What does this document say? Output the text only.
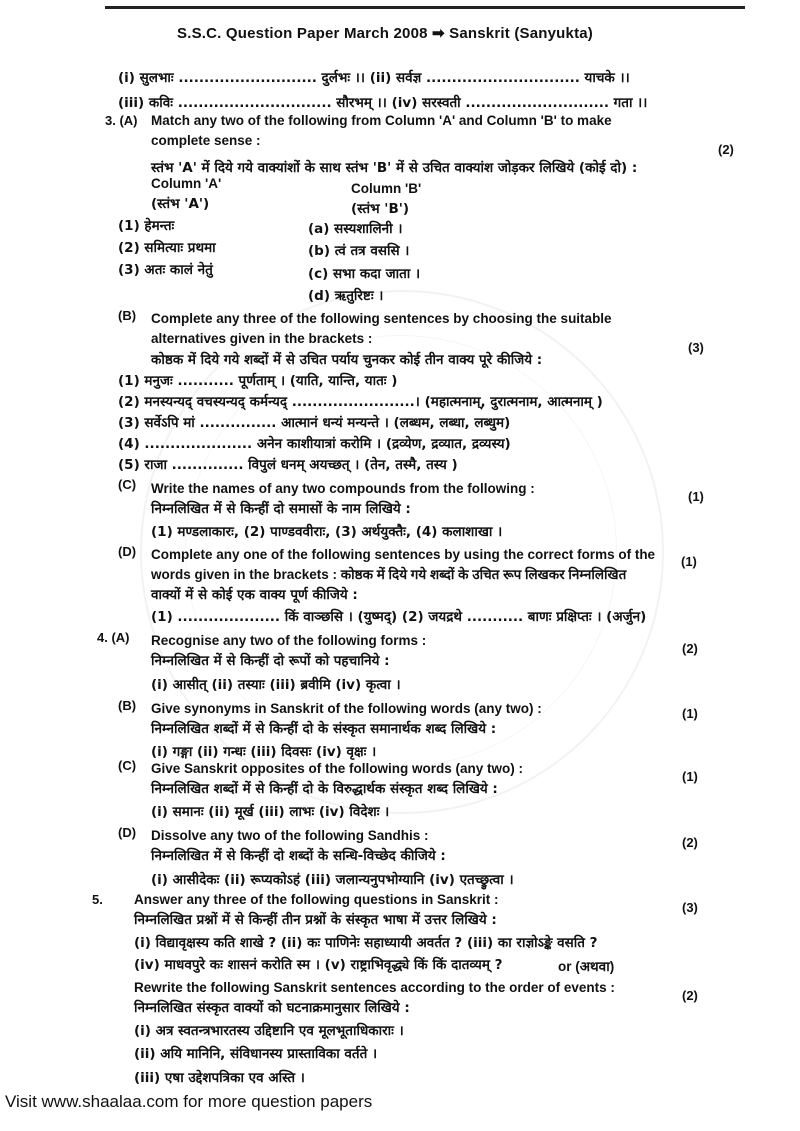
S.S.C. Question Paper March 2008 ➡ Sanskrit (Sanyukta)
(i) सुलभाः ........................... दुर्लभः ।। (ii) सर्वज्ञ .............................. याचके ।।
(iii) कविः .............................. सौरभम् ।। (iv) सरस्वती ............................ गता ।।
3. (A) Match any two of the following from Column 'A' and Column 'B' to make
complete sense :
स्तंभ 'A' में दिये गये वाक्यांशों के साथ स्तंभ 'B' में से उचित वाक्यांश जोड़कर लिखिये (कोई दो) :
Column 'A'	Column 'B'
(स्तंभ 'A')	(स्तंभ 'B')
(1) हेमन्तः	(a) सस्यशालिनी ।
(2) समित्याः प्रथमा	(b) त्वं तत्र वससि ।
(3) अतः कालं नेतुं	(c) सभा कदा जाता ।
(d) ऋतुरिष्टः ।
(B) Complete any three of the following sentences by choosing the suitable
alternatives given in the brackets :
कोष्ठक में दिये गये शब्दों में से उचित पर्याय चुनकर कोई तीन वाक्य पूरे कीजिये :
(1) मनुजः ........... पूर्णताम् । (याति, यान्ति, यातः )
(2) मनस्यन्यद् वचस्यन्यद् कर्मन्यद् ........................। (महात्मनाम्, दुरात्मनाम, आत्मनाम् )
(3) सर्वेऽपि मां ............... आत्मानं धन्यं मन्यन्ते । (लब्धम, लब्धा, लब्धुम)
(4) ..................... अनेन काशीयात्रां करोमि । (द्रव्येण, द्रव्यात, द्रव्यस्य)
(5) राजा .............. विपुलं धनम् अयच्छत् । (तेन, तस्मै, तस्य )
(C) Write the names of any two compounds from the following :
निम्नलिखित में से किन्हीं दो समासों के नाम लिखिये :
(1) मण्डलाकारः, (2) पाण्डववीराः, (3) अर्थयुक्तैः, (4) कलाशाखा ।
(D) Complete any one of the following sentences by using the correct forms of the
words given in the brackets : कोष्ठक में दिये गये शब्दों के उचित रूप लिखकर निम्नलिखित
वाक्यों में से कोई एक वाक्य पूर्ण कीजिये :
(1) .................... किं वाञ्छसि । (युष्मद्) (2) जयद्रथे ........... बाणः प्रक्षिप्तः । (अर्जुन)
4. (A) Recognise any two of the following forms :
निम्नलिखित में से किन्हीं दो रूपों को पहचानिये :
(i) आसीत् (ii) तस्याः (iii) ब्रवीमि (iv) कृत्वा ।
(B) Give synonyms in Sanskrit of the following words (any two) :
निम्नलिखित शब्दों में से किन्हीं दो के संस्कृत समानार्थक शब्द लिखिये :
(i) गङ्गा (ii) गन्धः (iii) दिवसः (iv) वृक्षः ।
(C) Give Sanskrit opposites of the following words (any two) :
निम्नलिखित शब्दों में से किन्हीं दो के विरुद्धार्थक संस्कृत शब्द लिखिये :
(i) समानः (ii) मूर्ख (iii) लाभः (iv) विदेशः ।
(D) Dissolve any two of the following Sandhis :
निम्नलिखित में से किन्हीं दो शब्दों के सन्धि-विच्छेद कीजिये :
(i) आसीदेकः (ii) रूप्यकोऽहं (iii) जलान्यनुपभोग्यानि (iv) एतच्छ्रुत्वा ।
5. Answer any three of the following questions in Sanskrit :
निम्नलिखित प्रश्नों में से किन्हीं तीन प्रश्नों के संस्कृत भाषा में उत्तर लिखिये :
(i) विद्यावृक्षस्य कति शाखे ? (ii) कः पाणिनेः सहाध्यायी अवर्तत ? (iii) का राज्ञोऽङ्के वसति ?
(iv) माधवपुरे कः शासनं करोति स्म । (v) राष्ट्राभिवृद्ध्ये किं किं दातव्यम् ?	or (अथवा)
Rewrite the following Sanskrit sentences according to the order of events :
निम्नलिखित संस्कृत वाक्यों को घटनाक्रमानुसार लिखिये :
(i) अत्र स्वतन्त्रभारतस्य उद्दिष्टानि एव मूलभूताधिकाराः ।
(ii) अयि मानिनि, संविधानस्य प्रास्ताविका वर्तते ।
(iii) एषा उद्देशपत्रिका एव अस्ति ।
(2)
(3)
(1)
(1)
(2)
(1)
(1)
(2)
(3)
(2)
Visit www.shaalaa.com for more question papers
